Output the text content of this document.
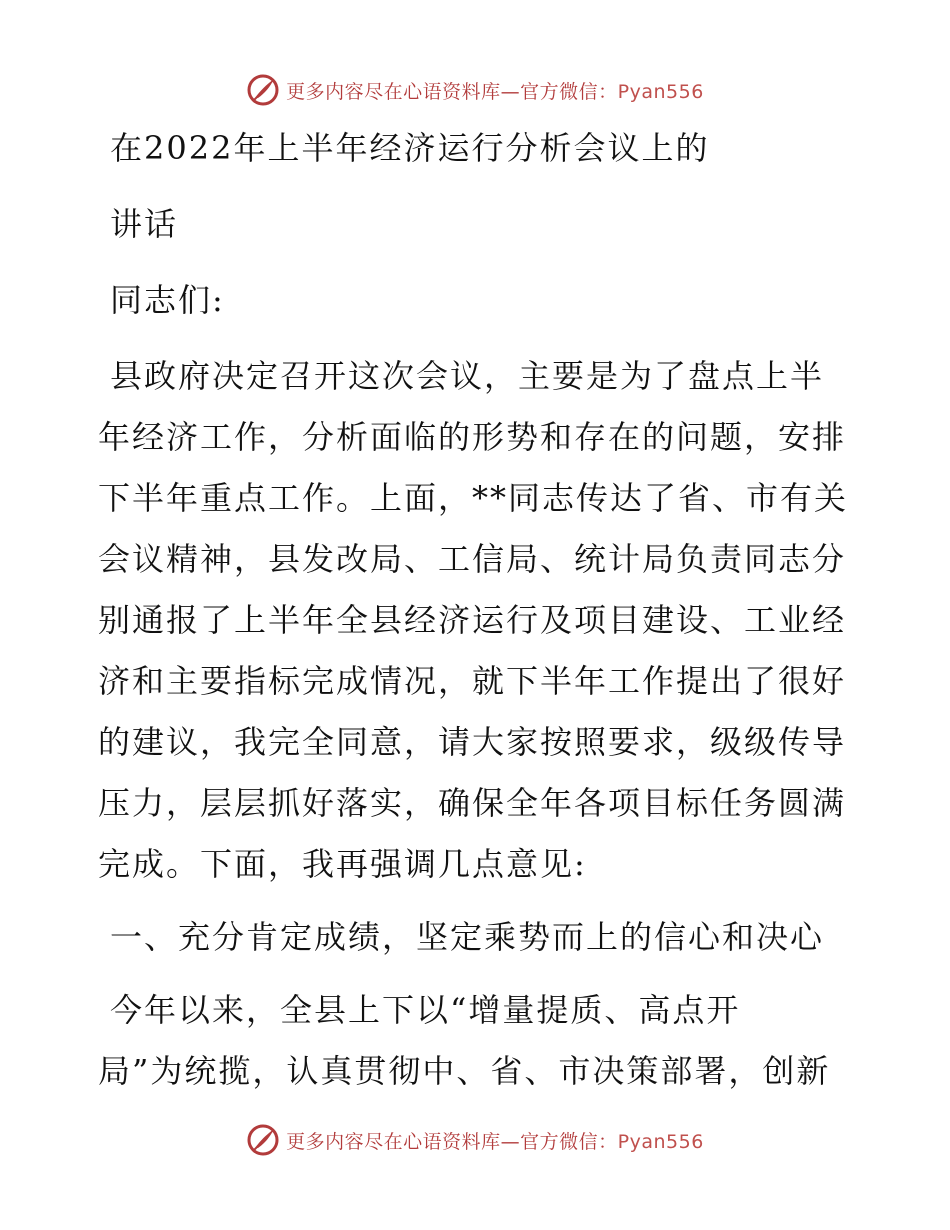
更多内容尽在心语资料库—官方微信：Pyan556

在2022年上半年经济运行分析会议上的

讲话

同志们:

县政府决定召开这次会议，主要是为了盘点上半

年经济工作，分析面临的形势和存在的问题，安排

下半年重点工作。上面，**同志传达了省、市有关

会议精神，县发改局、工信局、统计局负责同志分

别通报了上半年全县经济运行及项目建设、工业经

济和主要指标完成情况，就下半年工作提出了很好

的建议，我完全同意，请大家按照要求，级级传导

压力，层层抓好落实，确保全年各项目标任务圆满

完成。下面，我再强调几点意见:

一、充分肯定成绩，坚定乘势而上的信心和决心

今年以来，全县上下以“增量提质、高点开

局”为统揽，认真贯彻中、省、市决策部署，创新

更多内容尽在心语资料库—官方微信：Pyan556
